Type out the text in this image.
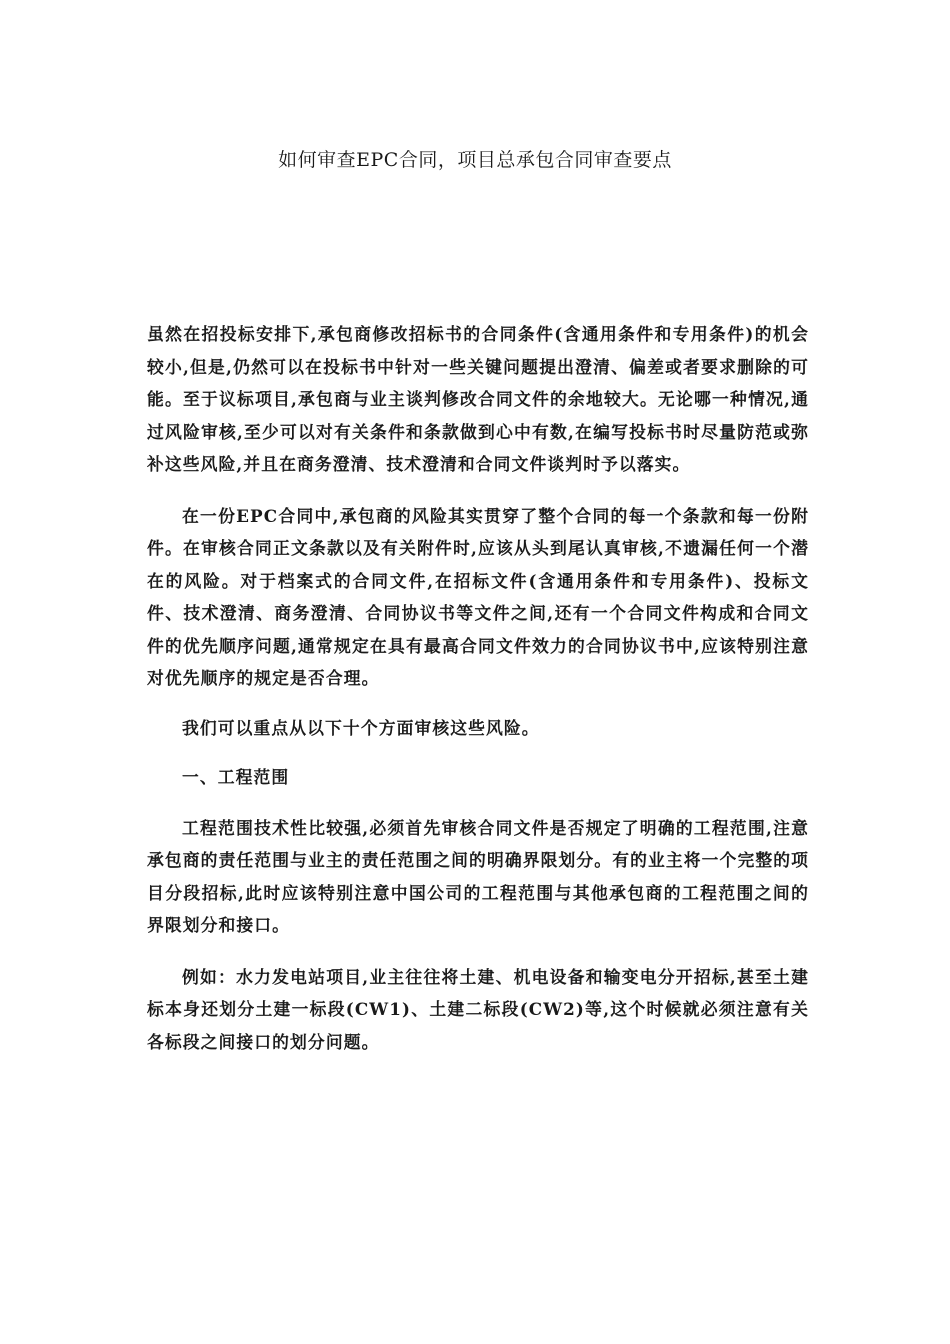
如何审查EPC合同，项目总承包合同审查要点

虽然在招投标安排下,承包商修改招标书的合同条件(含通用条件和专用条件)的机会较小,但是,仍然可以在投标书中针对一些关键问题提出澄清、偏差或者要求删除的可能。至于议标项目,承包商与业主谈判修改合同文件的余地较大。无论哪一种情况,通过风险审核,至少可以对有关条件和条款做到心中有数,在编写投标书时尽量防范或弥补这些风险,并且在商务澄清、技术澄清和合同文件谈判时予以落实。

在一份EPC合同中,承包商的风险其实贯穿了整个合同的每一个条款和每一份附件。在审核合同正文条款以及有关附件时,应该从头到尾认真审核,不遗漏任何一个潜在的风险。对于档案式的合同文件,在招标文件(含通用条件和专用条件)、投标文件、技术澄清、商务澄清、合同协议书等文件之间,还有一个合同文件构成和合同文件的优先顺序问题,通常规定在具有最高合同文件效力的合同协议书中,应该特别注意对优先顺序的规定是否合理。

我们可以重点从以下十个方面审核这些风险。

一、工程范围

工程范围技术性比较强,必须首先审核合同文件是否规定了明确的工程范围,注意承包商的责任范围与业主的责任范围之间的明确界限划分。有的业主将一个完整的项目分段招标,此时应该特别注意中国公司的工程范围与其他承包商的工程范围之间的界限划分和接口。

例如：水力发电站项目,业主往往将土建、机电设备和输变电分开招标,甚至土建标本身还划分土建一标段(CW1)、土建二标段(CW2)等,这个时候就必须注意有关各标段之间接口的划分问题。
